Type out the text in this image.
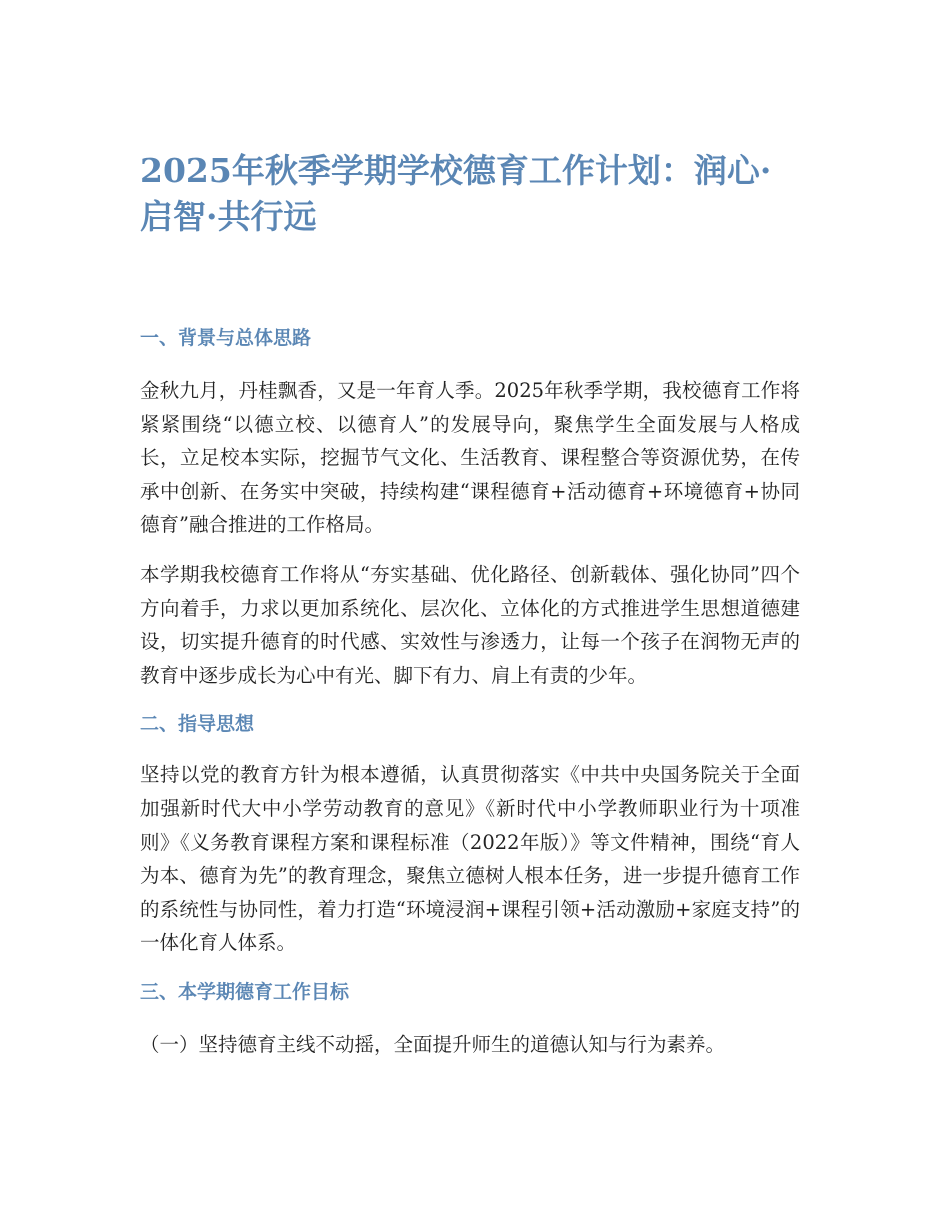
2025年秋季学期学校德育工作计划：润心·启智·共行远
一、背景与总体思路

金秋九月，丹桂飘香，又是一年育人季。2025年秋季学期，我校德育工作将紧紧围绕“以德立校、以德育人”的发展导向，聚焦学生全面发展与人格成长，立足校本实际，挖掘节气文化、生活教育、课程整合等资源优势，在传承中创新、在务实中突破，持续构建“课程德育+活动德育+环境德育+协同德育”融合推进的工作格局。

本学期我校德育工作将从“夯实基础、优化路径、创新载体、强化协同”四个方向着手，力求以更加系统化、层次化、立体化的方式推进学生思想道德建设，切实提升德育的时代感、实效性与渗透力，让每一个孩子在润物无声的教育中逐步成长为心中有光、脚下有力、肩上有责的少年。

二、指导思想

坚持以党的教育方针为根本遵循，认真贯彻落实《中共中央国务院关于全面加强新时代大中小学劳动教育的意见》《新时代中小学教师职业行为十项准则》《义务教育课程方案和课程标准（2022年版）》等文件精神，围绕“育人为本、德育为先”的教育理念，聚焦立德树人根本任务，进一步提升德育工作的系统性与协同性，着力打造“环境浸润+课程引领+活动激励+家庭支持”的一体化育人体系。

三、本学期德育工作目标

（一）坚持德育主线不动摇，全面提升师生的道德认知与行为素养。
